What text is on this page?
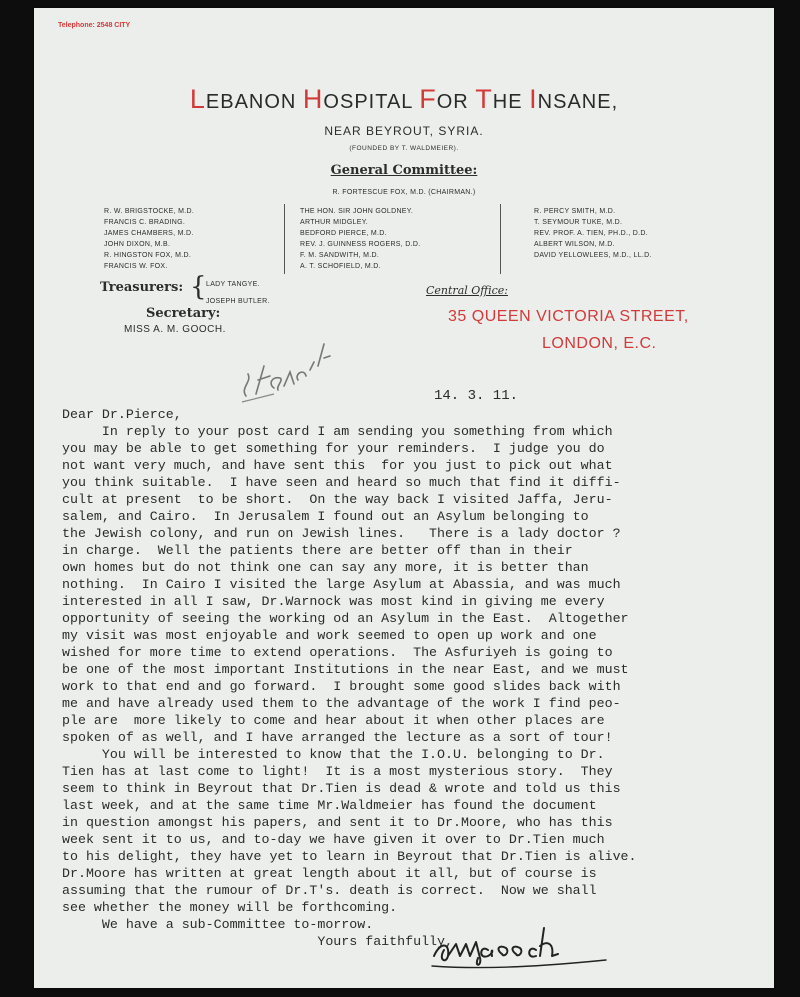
Telephone: 2548 CITY
LEBANON HOSPITAL FOR THE INSANE,
NEAR BEYROUT, SYRIA.
(FOUNDED BY T. WALDMEIER).
General Committee:
R. FORTESCUE FOX, M.D. (CHAIRMAN.)
R. W. BRIGSTOCKE, M.D.
FRANCIS C. BRADING.
JAMES CHAMBERS, M.D.
JOHN DIXON, M.B.
R. HINGSTON FOX, M.D.
FRANCIS W. FOX.
THE HON. SIR JOHN GOLDNEY.
ARTHUR MIDGLEY.
BEDFORD PIERCE, M.D.
REV. J. GUINNESS ROGERS, D.D.
F. M. SANDWITH, M.D.
A. T. SCHOFIELD, M.D.
R. PERCY SMITH, M.D.
T. SEYMOUR TUKE, M.D.
REV. PROF. A. TIEN, PH.D., D.D.
ALBERT WILSON, M.D.
DAVID YELLOWLEES, M.D., LL.D.
Treasurers: { LADY TANGYE.
JOSEPH BUTLER.
Secretary:
MISS A. M. GOOCH.
Central Office:
35 QUEEN VICTORIA STREET,
LONDON, E.C.
14. 3. 11.
Dear Dr.Pierce,
In reply to your post card I am sending you something from which
you may be able to get something for your reminders.  I judge you do
not want very much, and have sent this  for you just to pick out what
you think suitable.  I have seen and heard so much that find it diffi-
cult at present  to be short.  On the way back I visited Jaffa, Jeru-
salem, and Cairo.  In Jerusalem I found out an Asylum belonging to
the Jewish colony, and run on Jewish lines.   There is a lady doctor ?
in charge.  Well the patients there are better off than in their
own homes but do not think one can say any more, it is better than
nothing.  In Cairo I visited the large Asylum at Abassia, and was much
interested in all I saw, Dr.Warnock was most kind in giving me every
opportunity of seeing the working od an Asylum in the East.  Altogether
my visit was most enjoyable and work seemed to open up work and one
wished for more time to extend operations.  The Asfuriyeh is going to
be one of the most important Institutions in the near East, and we must
work to that end and go forward.  I brought some good slides back with
me and have already used them to the advantage of the work I find peo-
ple are  more likely to come and hear about it when other places are
spoken of as well, and I have arranged the lecture as a sort of tour!
You will be interested to know that the I.O.U. belonging to Dr.
Tien has at last come to light!  It is a most mysterious story.  They
seem to think in Beyrout that Dr.Tien is dead & wrote and told us this
last week, and at the same time Mr.Waldmeier has found the document
in question amongst his papers, and sent it to Dr.Moore, who has this
week sent it to us, and to-day we have given it over to Dr.Tien much
to his delight, they have yet to learn in Beyrout that Dr.Tien is alive.
Dr.Moore has written at great length about it all, but of course is
assuming that the rumour of Dr.T's. death is correct.  Now we shall
see whether the money will be forthcoming.
We have a sub-Committee to-morrow.
Yours faithfully,
